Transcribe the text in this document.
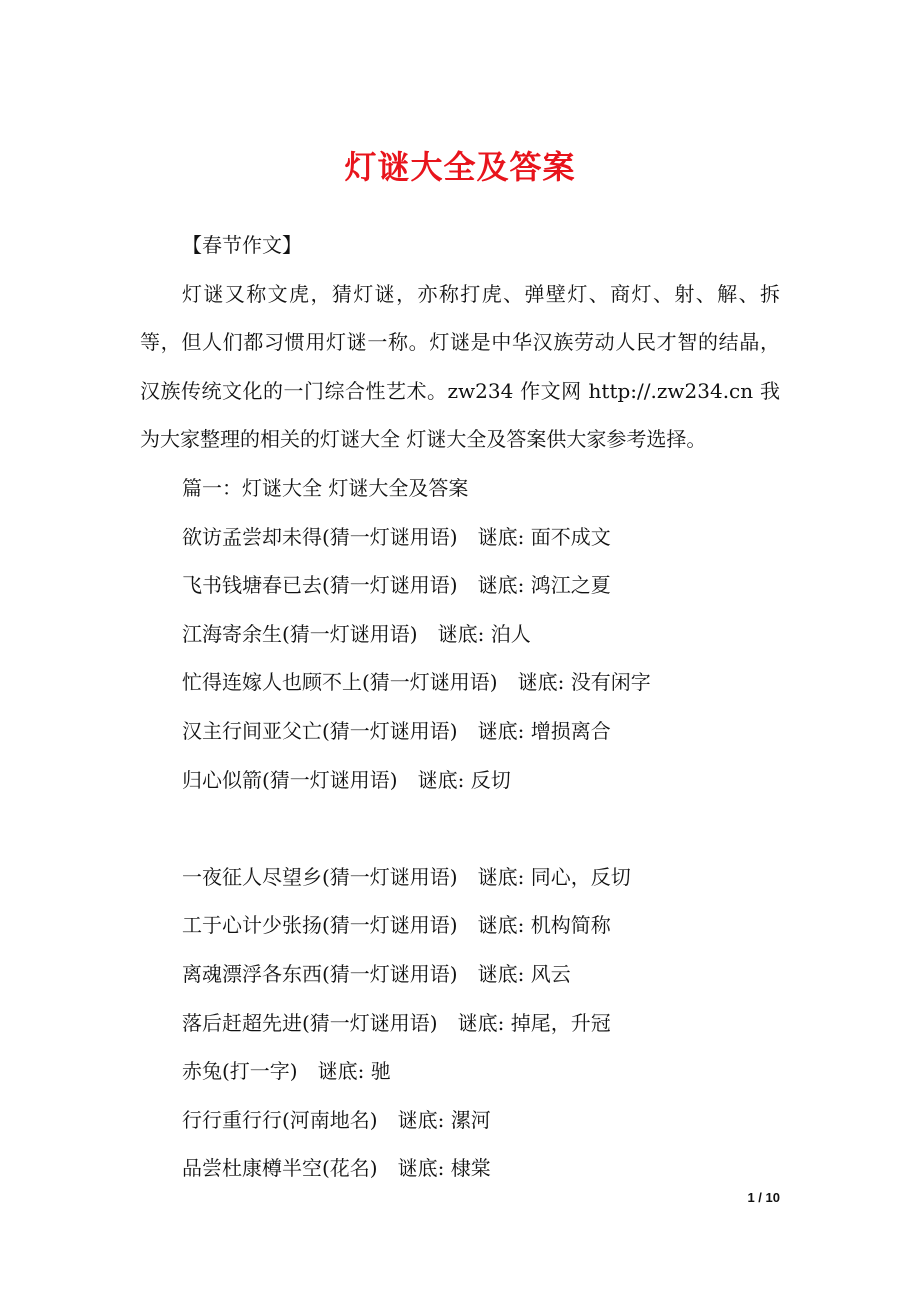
灯谜大全及答案
【春节作文】
灯谜又称文虎，猜灯谜，亦称打虎、弹壁灯、商灯、射、解、拆
等，但人们都习惯用灯谜一称。灯谜是中华汉族劳动人民才智的结晶，
汉族传统文化的一门综合性艺术。zw234 作文网 http://.zw234.cn 我
为大家整理的相关的灯谜大全 灯谜大全及答案供大家参考选择。
篇一：灯谜大全 灯谜大全及答案
欲访孟尝却未得(猜一灯谜用语) 谜底: 面不成文
飞书钱塘春已去(猜一灯谜用语) 谜底: 鸿江之夏
江海寄余生(猜一灯谜用语) 谜底: 泊人
忙得连嫁人也顾不上(猜一灯谜用语) 谜底: 没有闲字
汉主行间亚父亡(猜一灯谜用语) 谜底: 增损离合
归心似箭(猜一灯谜用语) 谜底: 反切
一夜征人尽望乡(猜一灯谜用语) 谜底: 同心，反切
工于心计少张扬(猜一灯谜用语) 谜底: 机构简称
离魂漂浮各东西(猜一灯谜用语) 谜底: 风云
落后赶超先进(猜一灯谜用语) 谜底: 掉尾，升冠
赤兔(打一字) 谜底: 驰
行行重行行(河南地名) 谜底: 漯河
品尝杜康樽半空(花名) 谜底: 棣棠
1 / 10
